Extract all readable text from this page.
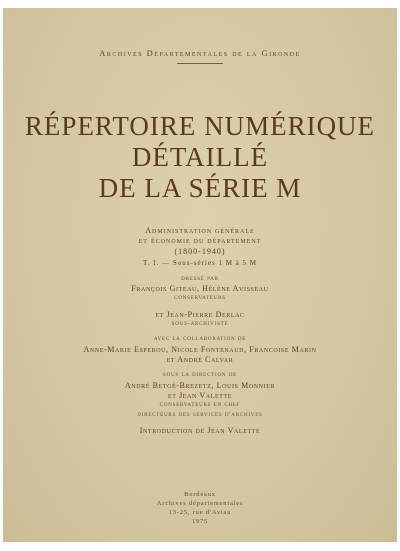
Archives Départementales de la Gironde
RÉPERTOIRE NUMÉRIQUE
DÉTAILLÉ
DE LA SÉRIE M
Administration générale
et économie du département
(1800-1940)
T. I. — Sous-séries 1 M à 5 M
dressé par
François Giteau, Hélène Avisseau
conservateurs
et Jean-Pierre Derlac
sous-archiviste
avec la collaboration de
Anne-Marie Esperou, Nicole Fontenaud, Francoise Marin
et André Calvar
sous la direction de
André Betgé-Brezetz, Louis Monnier
et Jean Valette
conservateurs en chef
directeurs des services d'archives
Introduction de Jean Valette
Bordeaux
Archives départementales
13-25, rue d'Aviau
1975
